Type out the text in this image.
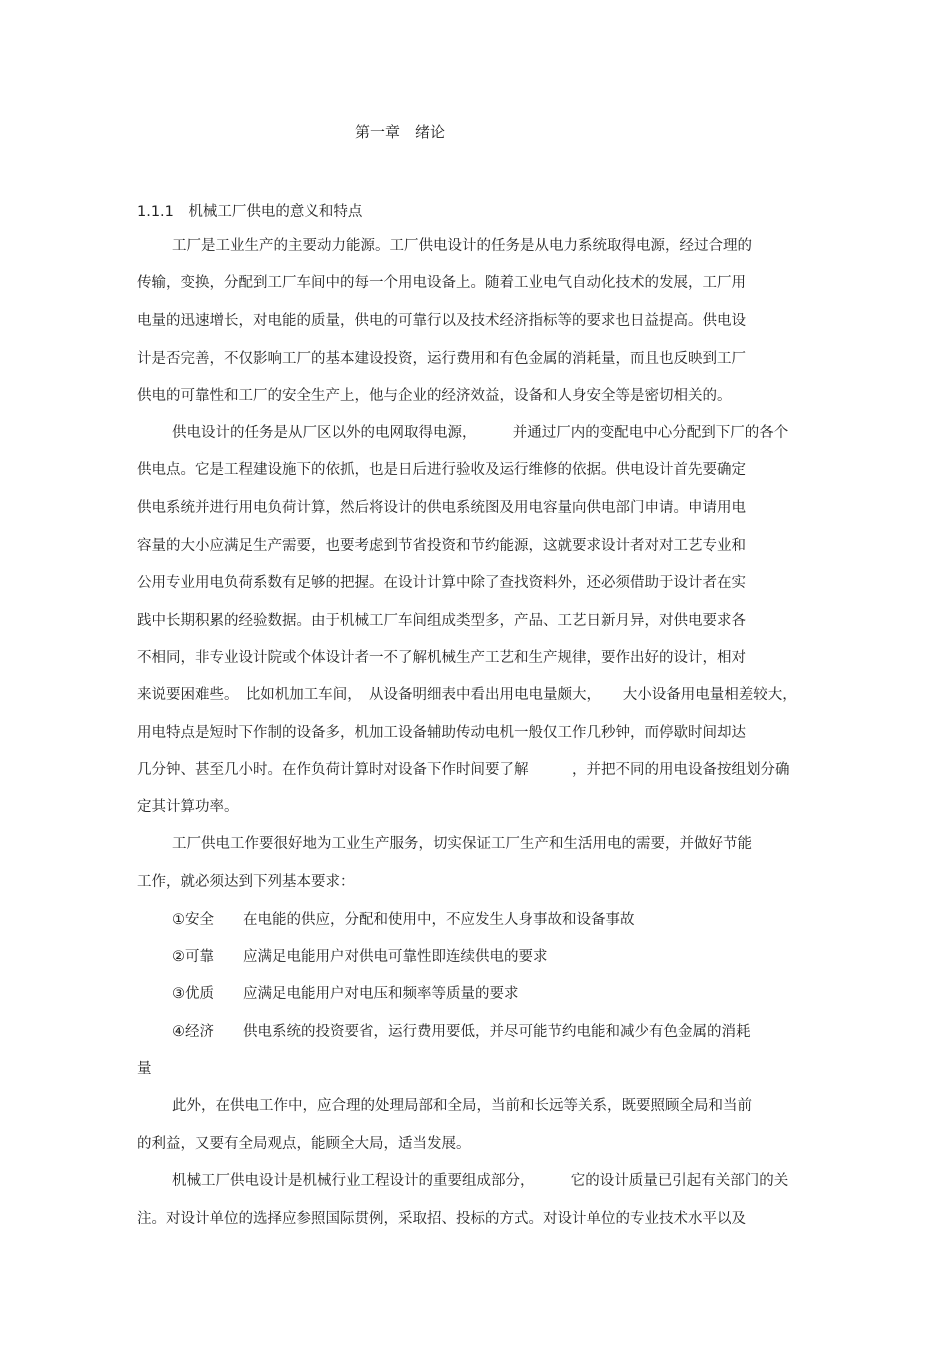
第一章　绪论
1.1.1　机械工厂供电的意义和特点
工厂是工业生产的主要动力能源。工厂供电设计的任务是从电力系统取得电源，经过合理的
传输，变换，分配到工厂车间中的每一个用电设备上。随着工业电气自动化技术的发展，工厂用
电量的迅速增长，对电能的质量，供电的可靠行以及技术经济指标等的要求也日益提高。供电设
计是否完善，不仅影响工厂的基本建设投资，运行费用和有色金属的消耗量，而且也反映到工厂
供电的可靠性和工厂的安全生产上，他与企业的经济效益，设备和人身安全等是密切相关的。
供电设计的任务是从厂区以外的电网取得电源，　　　并通过厂内的变配电中心分配到下厂的各个
供电点。它是工程建设施下的依抓，也是日后进行验收及运行维修的依据。供电设计首先要确定
供电系统并进行用电负荷计算，然后将设计的供电系统图及用电容量向供电部门申请。申请用电
容量的大小应满足生产需要，也要考虑到节省投资和节约能源，这就要求设计者对对工艺专业和
公用专业用电负荷系数有足够的把握。在设计计算中除了查找资料外，还必须借助于设计者在实
践中长期积累的经验数据。由于机械工厂车间组成类型多，产品、工艺日新月异，对供电要求各
不相同，非专业设计院或个体设计者一不了解机械生产工艺和生产规律，要作出好的设计，相对
来说要困难些。　比如机加工车间，　从设备明细表中看出用电电量颇大，　　大小设备用电量相差较大，
用电特点是短时下作制的设备多，机加工设备辅助传动电机一般仅工作几秒钟，而停歇时间却达
几分钟、甚至几小时。在作负荷计算时对设备下作时间要了解　　　，并把不同的用电设备按组划分确
定其计算功率。
工厂供电工作要很好地为工业生产服务，切实保证工厂生产和生活用电的需要，并做好节能
工作，就必须达到下列基本要求：
①安全　　在电能的供应，分配和使用中，不应发生人身事故和设备事故
②可靠　　应满足电能用户对供电可靠性即连续供电的要求
③优质　　应满足电能用户对电压和频率等质量的要求
④经济　　供电系统的投资要省，运行费用要低，并尽可能节约电能和减少有色金属的消耗
量
此外，在供电工作中，应合理的处理局部和全局，当前和长远等关系，既要照顾全局和当前
的利益，又要有全局观点，能顾全大局，适当发展。
机械工厂供电设计是机械行业工程设计的重要组成部分，　　　它的设计质量已引起有关部门的关
注。对设计单位的选择应参照国际贯例，采取招、投标的方式。对设计单位的专业技术水平以及
